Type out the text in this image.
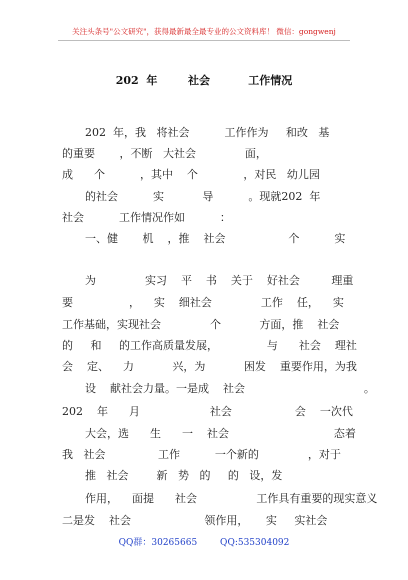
关注头条号"公文研究"，获得最新最全最专业的公文资料库！ 微信：gongwenj
202  年        社会          工作情况
202  年，我   将社会          工作作为     和改   基
的重要       ，不断   大社会              面，
成      个          ，其中    个             ，对民   幼儿园
的社会          实           导          。现就202  年
社会          工作情况作如          ：
一、健       机    ，推    社会                  个          实
为              实习    平    书    关于    好社会         理重
要                ，    实    细社会              工作    任，    实
工作基础，实现社会              个           方面，推    社会
的     和     的工作高质量发展，              与      社会    理社
会    定、    力           兴，为           困发    重要作用，为我
设    献社会力量。一是成    社会                                  。
202    年      月                    社会                  会    一次代
大会，选      生      一    社会                              态着
我   社会               工作          一个新的              ，对于
推   社会        新   势   的     的   设，发
作用，    面提      社会                 工作具有重要的现实意义
二是发    社会                     领作用，     实     实社会
QQ群：30265665        QQ:535304092
